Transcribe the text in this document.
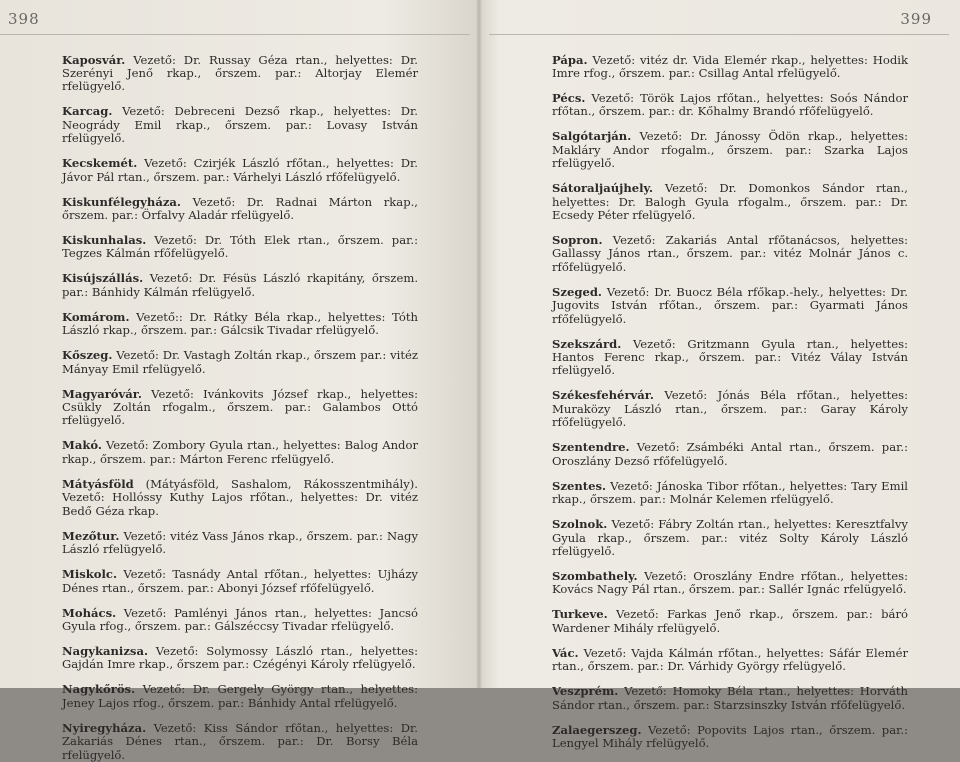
398

Kaposvár. Vezető: Dr. Russay Géza rtan., helyettes: Dr. Szerényi Jenő rkap., őrszem. par.: Altorjay Elemér rfelügyelő.

Karcag. Vezető: Debreceni Dezső rkap., helyettes: Dr. Neogrády Emil rkap., őrszem. par.: Lovasy István rfelügyelő.

Kecskemét. Vezető: Czirjék László rfőtan., helyettes: Dr. Jávor Pál rtan., őrszem. par.: Várhelyi László rfőfelügyelő.

Kiskunfélegyháza. Vezető: Dr. Radnai Márton rkap., őrszem. par.: Örfalvy Aladár rfelügyelő.

Kiskunhalas. Vezető: Dr. Tóth Elek rtan., őrszem. par.: Tegzes Kálmán rfőfelügyelő.

Kisújszállás. Vezető: Dr. Fésüs László rkapitány, őrszem. par.: Bánhidy Kálmán rfelügyelő.

Komárom. Vezető:: Dr. Rátky Béla rkap., helyettes: Tóth László rkap., őrszem. par.: Gálcsik Tivadar rfelügyelő.

Kőszeg. Vezető: Dr. Vastagh Zoltán rkap., őrszem par.: vitéz Mányay Emil rfelügyelő.

Magyaróvár. Vezető: Ivánkovits József rkap., helyettes: Csükly Zoltán rfogalm., őrszem. par.: Galambos Ottó rfelügyelő.

Makó. Vezető: Zombory Gyula rtan., helyettes: Balog Andor rkap., őrszem. par.: Márton Ferenc rfelügyelő.

Mátyásföld (Mátyásföld, Sashalom, Rákosszentmihály). Vezető: Hollóssy Kuthy Lajos rfőtan., helyettes: Dr. vitéz Bedő Géza rkap.

Mezőtur. Vezető: vitéz Vass János rkap., őrszem. par.: Nagy László rfelügyelő.

Miskolc. Vezető: Tasnády Antal rfőtan., helyettes: Ujházy Dénes rtan., őrszem. par.: Abonyi József rfőfelügyelő.

Mohács. Vezető: Pamlényi János rtan., helyettes: Jancsó Gyula rfog., őrszem. par.: Gálszéccsy Tivadar rfelügyelő.

Nagykanizsa. Vezető: Solymossy László rtan., helyettes: Gajdán Imre rkap., őrszem par.: Czégényi Károly rfelügyelő.

Nagykőrös. Vezető: Dr. Gergely György rtan., helyettes: Jeney Lajos rfog., őrszem. par.: Bánhidy Antal rfelügyelő.

Nyiregyháza. Vezető: Kiss Sándor rfőtan., helyettes: Dr. Zakariás Dénes rtan., őrszem. par.: Dr. Borsy Béla rfelügyelő.

399

Pápa. Vezető: vitéz dr. Vida Elemér rkap., helyettes: Hodik Imre rfog., őrszem. par.: Csillag Antal rfelügyelő.

Pécs. Vezető: Török Lajos rfőtan., helyettes: Soós Nándor rfőtan., őrszem. par.: dr. Kőhalmy Brandó rfőfelügyelő.

Salgótarján. Vezető: Dr. Jánossy Ödön rkap., helyettes: Makláry Andor rfogalm., őrszem. par.: Szarka Lajos rfelügyelő.

Sátoraljaújhely. Vezető: Dr. Domonkos Sándor rtan., helyettes: Dr. Balogh Gyula rfogalm., őrszem. par.: Dr. Ecsedy Péter rfelügyelő.

Sopron. Vezető: Zakariás Antal rfőtanácsos, helyettes: Gallassy János rtan., őrszem. par.: vitéz Molnár János c. rfőfelügyelő.

Szeged. Vezető: Dr. Buocz Béla rfőkap.-hely., helyettes: Dr. Jugovits István rfőtan., őrszem. par.: Gyarmati János rfőfelügyelő.

Szekszárd. Vezető: Gritzmann Gyula rtan., helyettes: Hantos Ferenc rkap., őrszem. par.: Vitéz Válay István rfelügyelő.

Székesfehérvár. Vezető: Jónás Béla rfőtan., helyettes: Muraközy László rtan., őrszem. par.: Garay Károly rfőfelügyelő.

Szentendre. Vezető: Zsámbéki Antal rtan., őrszem. par.: Oroszlány Dezső rfőfelügyelő.

Szentes. Vezető: Jánoska Tibor rfőtan., helyettes: Tary Emil rkap., őrszem. par.: Molnár Kelemen rfelügyelő.

Szolnok. Vezető: Fábry Zoltán rtan., helyettes: Keresztfalvy Gyula rkap., őrszem. par.: vitéz Solty Károly László rfelügyelő.

Szombathely. Vezető: Oroszlány Endre rfőtan., helyettes: Kovács Nagy Pál rtan., őrszem. par.: Sallér Ignác rfelügyelő.

Turkeve. Vezető: Farkas Jenő rkap., őrszem. par.: báró Wardener Mihály rfelügyelő.

Vác. Vezető: Vajda Kálmán rfőtan., helyettes: Sáfár Elemér rtan., őrszem. par.: Dr. Várhidy György rfelügyelő.

Veszprém. Vezető: Homoky Béla rtan., helyettes: Horváth Sándor rtan., őrszem. par.: Starzsinszky István rfőfelügyelő.

Zalaegerszeg. Vezető: Popovits Lajos rtan., őrszem. par.: Lengyel Mihály rfelügyelő.
